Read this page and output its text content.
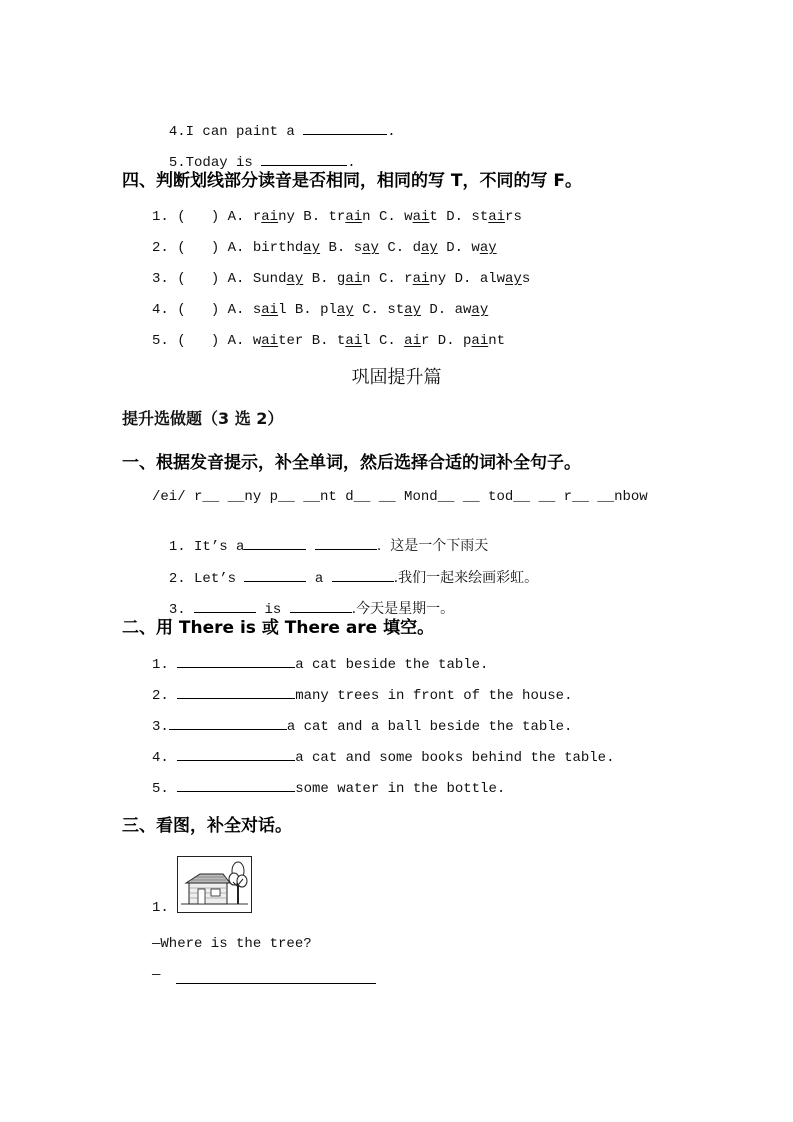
4.I can paint a	.

5.Today is	.

四、判断划线部分读音是否相同，相同的写 T，不同的写 F。
1. (   ) A. rainy B. train C. wait D. stairs
2. (   ) A. birthday B. say C. day D. way
3. (   ) A. Sunday B. gain C. rainy D. always
4. (   ) A. sail B. play C. stay D. away
5. (   ) A. waiter B. tail C. air D. paint
巩固提升篇
提升选做题（3 选 2）
一、根据发音提示，补全单词，然后选择合适的词补全句子。
/ei/ r__ __ny p__ __nt d__ __ Mond__ __ tod__ __ r__ __nbow

1. It’s a	.  这是一个下雨天

2. Let’s	a	.我们一起来绘画彩虹。

3.	is	.今天是星期一。

二、用 There is 或 There are 填空。
1.	a cat beside the table.
2.	many trees in front of the house.
3.	a cat and a ball beside the table.
4.	a cat and some books behind the table.
5.	some water in the bottle.
三、看图，补全对话。
1.
—Where is the tree?
—
